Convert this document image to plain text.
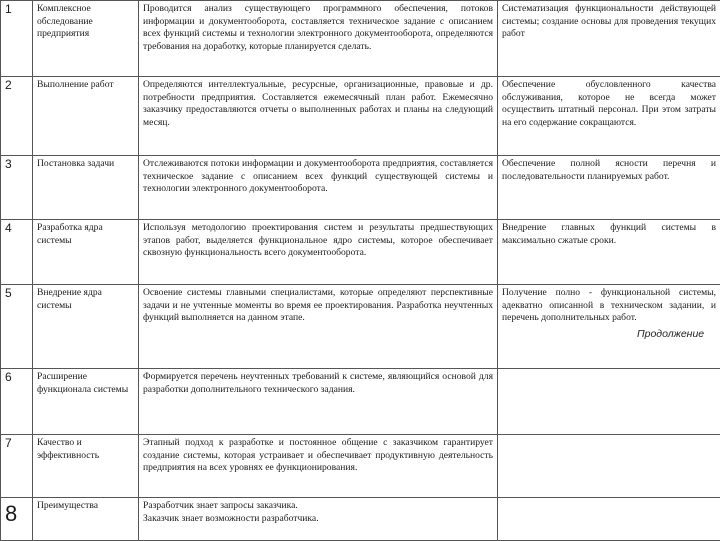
1	Комплексное обследование предприятия	Проводится анализ существующего программного обеспечения, потоков информации и документооборота, составляется техническое задание с описанием всех функций системы и технологии электронного документооборота, определяются требования на доработку, которые планируется сделать.	Систематизация функциональности действующей системы; создание основы для проведения текущих работ
2	Выполнение работ	Определяются интеллектуальные, ресурсные, организационные, правовые и др. потребности предприятия. Составляется ежемесячный план работ. Ежемесячно заказчику предоставляются отчеты о выполненных работах и планы на следующий месяц.	Обеспечение обусловленного качества обслуживания, которое не всегда может осуществить штатный персонал. При этом затраты на его содержание сокращаются.
3	Постановка задачи	Отслеживаются потоки информации и документооборота предприятия, составляется техническое задание с описанием всех функций существующей системы и технологии электронного документооборота.	Обеспечение полной ясности перечня и последовательности планируемых работ.
4	Разработка ядра системы	Используя методологию проектирования систем и результаты предшествующих этапов работ, выделяется функциональное ядро системы, которое обеспечивает сквозную функциональность всего документооборота.	Внедрение главных функций системы в максимально сжатые сроки.
5	Внедрение ядра системы	Освоение системы главными специалистами, которые определяют перспективные задачи и не учтенные моменты во время ее проектирования. Разработка неучтенных функций выполняется на данном этапе.	Получение полно - функциональной системы, адекватно описанной в техническом задании, и перечень дополнительных работ.
6	Расширение функционала системы	Формируется перечень неучтенных требований к системе, являющийся основой для разработки дополнительного технического задания.	
7	Качество и эффективность	Этапный подход к разработке и постоянное общение с заказчиком гарантирует создание системы, которая устраивает и обеспечивает продуктивную деятельность предприятия на всех уровнях ее функционирования.	
8	Преимущества	Разработчик знает запросы заказчика.
Заказчик знает возможности разработчика.	

Продолжение
